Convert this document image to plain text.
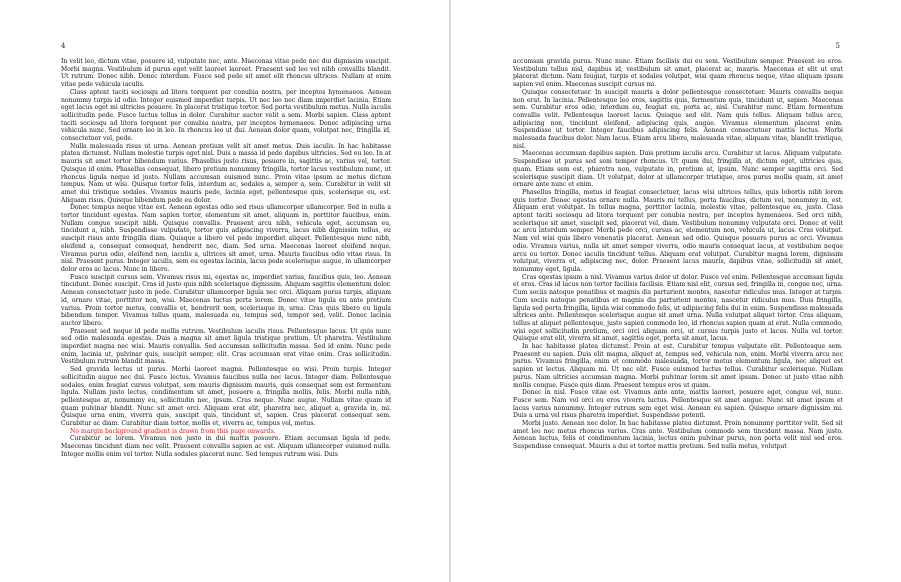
4

In velit leo, dictum vitae, posuere id, vulputate nec, ante. Maecenas vitae pede nec dui dignissim suscipit. Morbi magna. Vestibulum id purus eget velit laoreet laoreet. Praesent sed leo vel nibh convallis blandit. Ut rutrum. Donec nibh. Donec interdum. Fusce sed pede sit amet elit rhoncus ultrices. Nullam at enim vitae pede vehicula iaculis.

Class aptent taciti sociosqu ad litora torquent per conubia nostra, per inceptos hymenaeos. Aenean nonummy turpis id odio. Integer euismod imperdiet turpis. Ut nec leo nec diam imperdiet lacinia. Etiam eget lacus eget mi ultricies posuere. In placerat tristique tortor. Sed porta vestibulum metus. Nulla iaculis sollicitudin pede. Fusce luctus tellus in dolor. Curabitur auctor velit a sem. Morbi sapien. Class aptent taciti sociosqu ad litora torquent per conubia nostra, per inceptos hymenaeos. Donec adipiscing urna vehicula nunc. Sed ornare leo in leo. In rhoncus leo ut dui. Aenean dolor quam, volutpat nec, fringilla id, consectetuer vel, pede.

Nulla malesuada risus ut urna. Aenean pretium velit sit amet metus. Duis iaculis. In hac habitasse platea dictumst. Nullam molestie turpis eget nisl. Duis a massa id pede dapibus ultricies. Sed eu leo. In at mauris sit amet tortor bibendum varius. Phasellus justo risus, posuere in, sagittis ac, varius vel, tortor. Quisque id enim. Phasellus consequat, libero pretium nonummy fringilla, tortor lacus vestibulum nunc, ut rhoncus ligula neque id justo. Nullam accumsan euismod nunc. Proin vitae ipsum ac metus dictum tempus. Nam ut wisi. Quisque tortor felis, interdum ac, sodales a, semper a, sem. Curabitur in velit sit amet dui tristique sodales. Vivamus mauris pede, lacinia eget, pellentesque quis, scelerisque eu, est. Aliquam risus. Quisque bibendum pede eu dolor.

Donec tempus neque vitae est. Aenean egestas odio sed risus ullamcorper ullamcorper. Sed in nulla a tortor tincidunt egestas. Nam sapien tortor, elementum sit amet, aliquam in, porttitor faucibus, enim. Nullam congue suscipit nibh. Quisque convallis. Praesent arcu nibh, vehicula eget, accumsan eu, tincidunt a, nibh. Suspendisse vulputate, tortor quis adipiscing viverra, lacus nibh dignissim tellus, eu suscipit risus ante fringilla diam. Quisque a libero vel pede imperdiet aliquet. Pellentesque nunc nibh, eleifend a, consequat consequat, hendrerit nec, diam. Sed urna. Maecenas laoreet eleifend neque. Vivamus purus odio, eleifend non, iaculis a, ultrices sit amet, urna. Mauris faucibus odio vitae risus. In nisl. Praesent purus. Integer iaculis, sem eu egestas lacinia, lacus pede scelerisque augue, in ullamcorper dolor eros ac lacus. Nunc in libero.

Fusce suscipit cursus sem. Vivamus risus mi, egestas ac, imperdiet varius, faucibus quis, leo. Aenean tincidunt. Donec suscipit. Cras id justo quis nibh scelerisque dignissim. Aliquam sagittis elementum dolor. Aenean consectetuer justo in pede. Curabitur ullamcorper ligula nec orci. Aliquam purus turpis, aliquam id, ornare vitae, porttitor non, wisi. Maecenas luctus porta lorem. Donec vitae ligula eu ante pretium varius. Proin tortor metus, convallis et, hendrerit non, scelerisque in, urna. Cras quis libero eu ligula bibendum tempor. Vivamus tellus quam, malesuada eu, tempus sed, tempor sed, velit. Donec lacinia auctor libero.

Praesent sed neque id pede mollis rutrum. Vestibulum iaculis risus. Pellentesque lacus. Ut quis nunc sed odio malesuada egestas. Duis a magna sit amet ligula tristique pretium. Ut pharetra. Vestibulum imperdiet magna nec wisi. Mauris convallis. Sed accumsan sollicitudin massa. Sed id enim. Nunc pede enim, lacinia ut, pulvinar quis, suscipit semper, elit. Cras accumsan erat vitae enim. Cras sollicitudin. Vestibulum rutrum blandit massa.

Sed gravida lectus ut purus. Morbi laoreet magna. Pellentesque eu wisi. Proin turpis. Integer sollicitudin augue nec dui. Fusce lectus. Vivamus faucibus nulla nec lacus. Integer diam. Pellentesque sodales, enim feugiat cursus volutpat, sem mauris dignissim mauris, quis consequat sem est fermentum ligula. Nullam justo lectus, condimentum sit amet, posuere a, fringilla mollis, felis. Morbi nulla nibh, pellentesque at, nonummy eu, sollicitudin nec, ipsum. Cras neque. Nunc augue. Nullam vitae quam id quam pulvinar blandit. Nunc sit amet orci. Aliquam erat elit, pharetra nec, aliquet a, gravida in, mi. Quisque urna enim, viverra quis, suscipit quis, tincidunt ut, sapien. Cras placerat consequat sem. Curabitur ac diam. Curabitur diam tortor, mollis et, viverra ac, tempus vel, metus.

No margin background gradient is drawn from this page onwards.

Curabitur ac lorem. Vivamus non justo in dui mattis posuere. Etiam accumsan ligula id pede. Maecenas tincidunt diam nec velit. Praesent convallis sapien ac est. Aliquam ullamcorper euismod nulla. Integer mollis enim vel tortor. Nulla sodales placerat nunc. Sed tempus rutrum wisi. Duis

5

accumsan gravida purus. Nunc nunc. Etiam facilisis dui eu sem. Vestibulum semper. Praesent eu eros. Vestibulum tellus nisl, dapibus id, vestibulum sit amet, placerat ac, mauris. Maecenas et elit ut erat placerat dictum. Nam feugiat, turpis et sodales volutpat, wisi quam rhoncus neque, vitae aliquam ipsum sapien vel enim. Maecenas suscipit cursus mi.

Quisque consectetuer. In suscipit mauris a dolor pellentesque consectetuer. Mauris convallis neque non erat. In lacinia. Pellentesque leo eros, sagittis quis, fermentum quis, tincidunt ut, sapien. Maecenas sem. Curabitur eros odio, interdum eu, feugiat eu, porta ac, nisl. Curabitur nunc. Etiam fermentum convallis velit. Pellentesque laoreet lacus. Quisque sed elit. Nam quis tellus. Aliquam tellus arcu, adipiscing non, tincidunt eleifend, adipiscing quis, augue. Vivamus elementum placerat enim. Suspendisse ut tortor. Integer faucibus adipiscing felis. Aenean consectetuer mattis lectus. Morbi malesuada faucibus dolor. Nam lacus. Etiam arcu libero, malesuada vitae, aliquam vitae, blandit tristique, nisl.

Maecenas accumsan dapibus sapien. Duis pretium iaculis arcu. Curabitur ut lacus. Aliquam vulputate. Suspendisse ut purus sed sem tempor rhoncus. Ut quam dui, fringilla at, dictum eget, ultricies quis, quam. Etiam sem est, pharetra non, vulputate in, pretium at, ipsum. Nunc semper sagittis orci. Sed scelerisque suscipit diam. Ut volutpat, dolor at ullamcorper tristique, eros purus mollis quam, sit amet ornare ante nunc et enim.

Phasellus fringilla, metus id feugiat consectetuer, lacus wisi ultrices tellus, quis lobortis nibh lorem quis tortor. Donec egestas ornare nulla. Mauris mi tellus, porta faucibus, dictum vel, nonummy in, est. Aliquam erat volutpat. In tellus magna, porttitor lacinia, molestie vitae, pellentesque eu, justo. Class aptent taciti sociosqu ad litora torquent per conubia nostra, per inceptos hymenaeos. Sed orci nibh, scelerisque sit amet, suscipit sed, placerat vel, diam. Vestibulum nonummy vulputate orci. Donec et velit ac arcu interdum semper. Morbi pede orci, cursus ac, elementum non, vehicula ut, lacus. Cras volutpat. Nam vel wisi quis libero venenatis placerat. Aenean sed odio. Quisque posuere purus ac orci. Vivamus odio. Vivamus varius, nulla sit amet semper viverra, odio mauris consequat lacus, at vestibulum neque arcu eu tortor. Donec iaculis tincidunt tellus. Aliquam erat volutpat. Curabitur magna lorem, dignissim volutpat, viverra et, adipiscing nec, dolor. Praesent lacus mauris, dapibus vitae, sollicitudin sit amet, nonummy eget, ligula.

Cras egestas ipsum a nisl. Vivamus varius dolor ut dolor. Fusce vel enim. Pellentesque accumsan ligula et eros. Cras id lacus non tortor facilisis facilisis. Etiam nisl elit, cursus sed, fringilla in, congue nec, urna. Cum sociis natoque penatibus et magnis dis parturient montes, nascetur ridiculus mus. Integer at turpis. Cum sociis natoque penatibus et magnis dis parturient montes, nascetur ridiculus mus. Duis fringilla, ligula sed porta fringilla, ligula wisi commodo felis, ut adipiscing felis dui in enim. Suspendisse malesuada ultrices ante. Pellentesque scelerisque augue sit amet urna. Nulla volutpat aliquet tortor. Cras aliquam, tellus at aliquet pellentesque, justo sapien commodo leo, id rhoncus sapien quam at erat. Nulla commodo, wisi eget sollicitudin pretium, orci orci aliquam orci, ut cursus turpis justo et lacus. Nulla vel tortor. Quisque erat elit, viverra sit amet, sagittis eget, porta sit amet, lacus.

In hac habitasse platea dictumst. Proin at est. Curabitur tempus vulputate elit. Pellentesque sem. Praesent eu sapien. Duis elit magna, aliquet at, tempus sed, vehicula non, enim. Morbi viverra arcu nec purus. Vivamus fringilla, enim et commodo malesuada, tortor metus elementum ligula, nec aliquet est sapien ut lectus. Aliquam mi. Ut nec elit. Fusce euismod luctus tellus. Curabitur scelerisque. Nullam purus. Nam ultricies accumsan magna. Morbi pulvinar lorem sit amet ipsum. Donec ut justo vitae nibh mollis congue. Fusce quis diam. Praesent tempus eros ut quam.

Donec in nisl. Fusce vitae est. Vivamus ante ante, mattis laoreet, posuere eget, congue vel, nunc. Fusce sem. Nam vel orci eu eros viverra luctus. Pellentesque sit amet augue. Nunc sit amet ipsum et lacus varius nonummy. Integer rutrum sem eget wisi. Aenean eu sapien. Quisque ornare dignissim mi. Duis a urna vel risus pharetra imperdiet. Suspendisse potenti.

Morbi justo. Aenean nec dolor. In hac habitasse platea dictumst. Proin nonummy porttitor velit. Sed sit amet leo nec metus rhoncus varius. Cras ante. Vestibulum commodo sem tincidunt massa. Nam justo. Aenean luctus, felis et condimentum lacinia, lectus enim pulvinar purus, non porta velit nisl sed eros. Suspendisse consequat. Mauris a dui et tortor mattis pretium. Sed nulla metus, volutpat
